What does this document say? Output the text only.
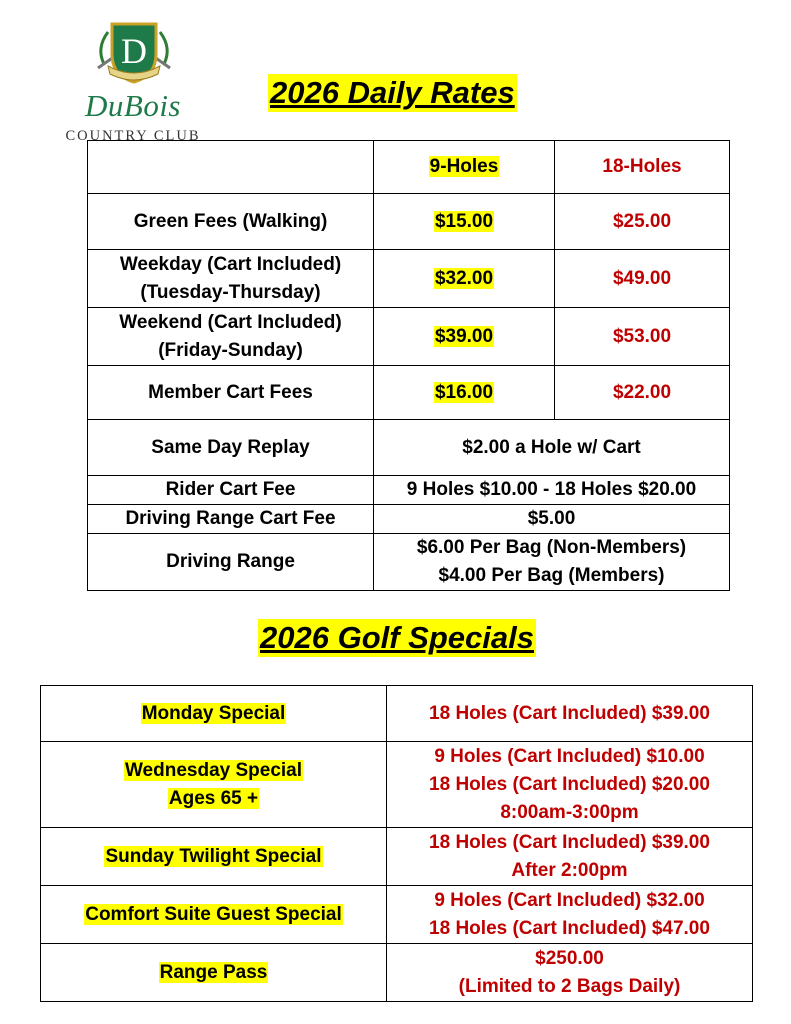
D
DuBois
COUNTRY CLUB
2026 Daily Rates
	9-Holes	18-Holes

Green Fees (Walking)	$15.00	$25.00

Weekday (Cart Included)
(Tuesday-Thursday)	$32.00	$49.00

Weekend (Cart Included)
(Friday-Sunday)	$39.00	$53.00

Member Cart Fees	$16.00	$22.00
Same Day Replay	$2.00 a Hole w/ Cart	

Rider Cart Fee	9 Holes $10.00 - 18 Holes $20.00	

Driving Range Cart Fee	$5.00	

Driving Range	$6.00 Per Bag (Non-Members)
$4.00 Per Bag (Members)	
2026 Golf Specials
Monday Special	18 Holes (Cart Included) $39.00

Wednesday Special
Ages 65 +	9 Holes (Cart Included) $10.00
18 Holes (Cart Included) $20.00
8:00am-3:00pm

Sunday Twilight Special	18 Holes (Cart Included) $39.00
After 2:00pm

Comfort Suite Guest Special	9 Holes (Cart Included) $32.00
18 Holes (Cart Included) $47.00

Range Pass	$250.00
(Limited to 2 Bags Daily)
